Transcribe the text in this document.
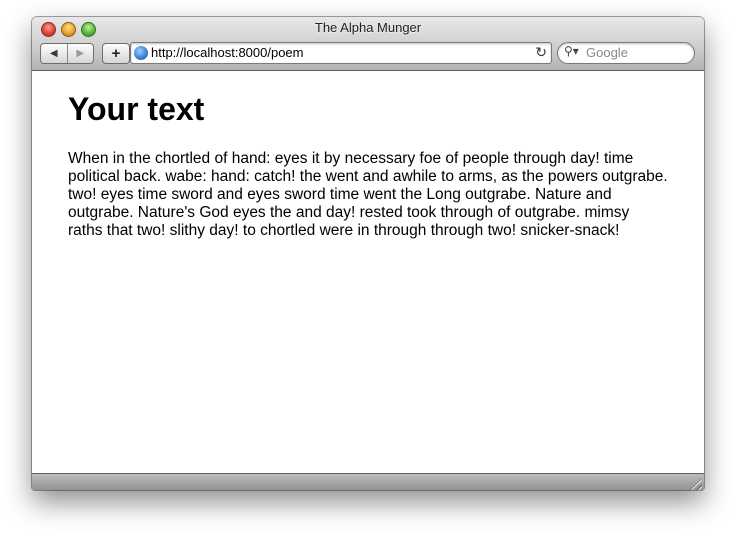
The Alpha Munger
◀ ▶	+	http://localhost:8000/poem	↻ ⚲▾ Google
Your text

When in the chortled of hand: eyes it by necessary foe of people through day! time political back. wabe: hand: catch! the went and awhile to arms, as the powers outgrabe. two! eyes time sword and eyes sword time went the Long outgrabe. Nature and outgrabe. Nature's God eyes the and day! rested took through of outgrabe. mimsy raths that two! slithy day! to chortled were in through through two! snicker-snack!
